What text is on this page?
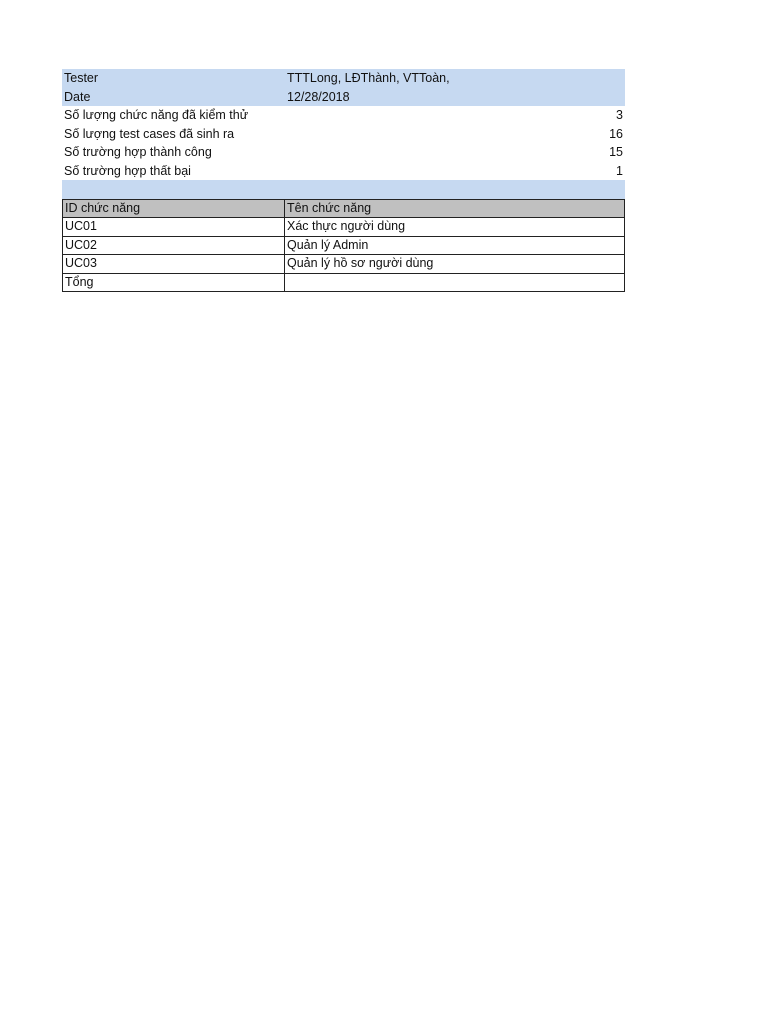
Tester	TTTLong, LĐThành, VTToàn,
Date	12/28/2018
Số lượng chức năng đã kiểm thử	3
Số lượng test cases đã sinh ra	16
Số trường hợp thành công	15
Số trường hợp thất bại	1
ID chức năng	Tên chức năng
UC01	Xác thực người dùng
UC02	Quản lý Admin
UC03	Quản lý hồ sơ người dùng
Tổng
